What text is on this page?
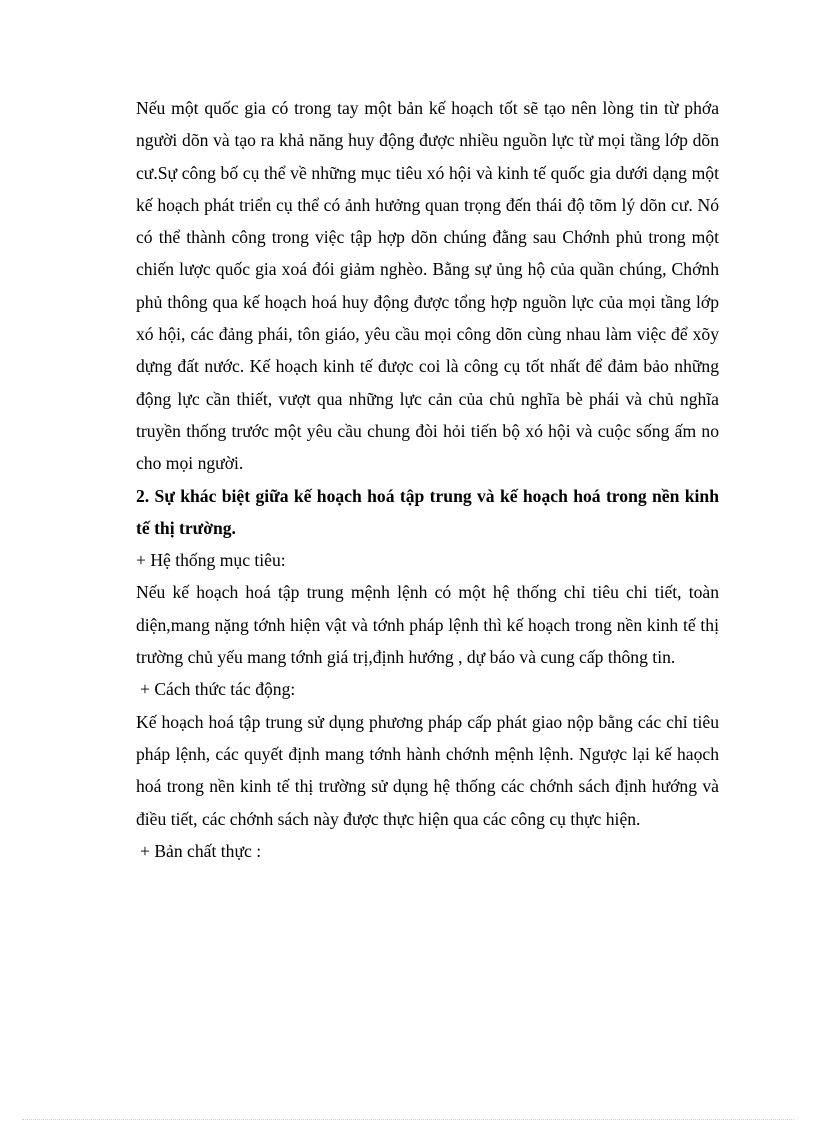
Nếu một quốc gia có trong tay một bản kế hoạch tốt sẽ tạo nên lòng tin từ phớa người dõn và tạo ra khả năng huy động được nhiều nguồn lực từ mọi tầng lớp dõn cư.Sự công bố cụ thể về những mục tiêu xó hội và kinh tế quốc gia dưới dạng một kế hoạch phát triển cụ thể có ảnh hưởng quan trọng đến thái độ tõm lý dõn cư. Nó có thể thành công trong việc tập hợp dõn chúng đằng sau Chớnh phủ trong một chiến lược quốc gia xoá đói giảm nghèo. Bằng sự ủng hộ của quần chúng, Chớnh phủ thông qua kế hoạch hoá huy động được tổng hợp nguồn lực của mọi tầng lớp xó hội, các đảng phái, tôn giáo, yêu cầu mọi công dõn cùng nhau làm việc để xõy dựng đất nước. Kế hoạch kinh tế được coi là công cụ tốt nhất để đảm bảo những động lực cần thiết, vượt qua những lực cản của chủ nghĩa bè phái và chủ nghĩa truyền thống trước một yêu cầu chung đòi hỏi tiến bộ xó hội và cuộc sống ấm no cho mọi người.

2. Sự khác biệt giữa kế hoạch hoá tập trung và kế hoạch hoá trong nền kinh tế thị trường.

+ Hệ thống mục tiêu:

Nếu kế hoạch hoá tập trung mệnh lệnh có một hệ thống chỉ tiêu chi tiết, toàn diện,mang nặng tớnh hiện vật và tớnh pháp lệnh thì kế hoạch trong nền kinh tế thị trường chủ yếu mang tớnh giá trị,định hướng , dự báo và cung cấp thông tin.

+ Cách thức tác động:

Kế hoạch hoá tập trung sử dụng phương pháp cấp phát giao nộp bằng các chỉ tiêu pháp lệnh, các quyết định mang tớnh hành chớnh mệnh lệnh. Ngược lại kế haọch hoá trong nền kinh tế thị trường sử dụng hệ thống các chớnh sách định hướng và điều tiết, các chớnh sách này được thực hiện qua các công cụ thực hiện.

+ Bản chất thực :
